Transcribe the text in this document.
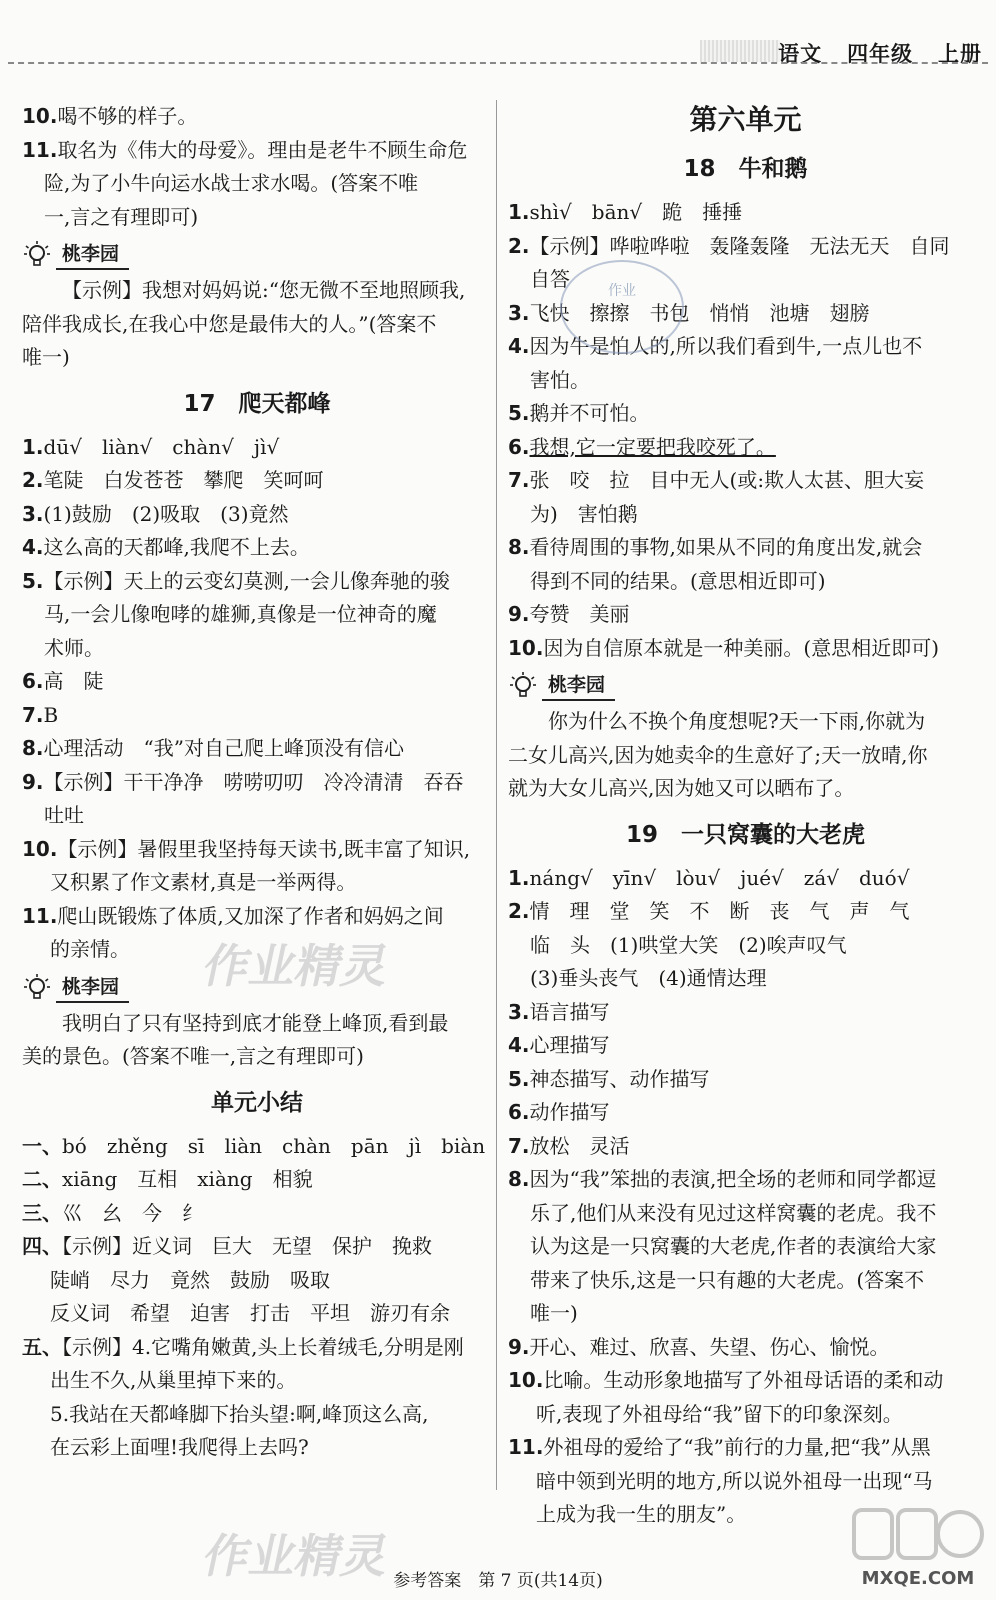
语文 四年级 上册
10.喝不够的样子。
11.取名为《伟大的母爱》。理由是老牛不顾生命危
险,为了小牛向运水战士求水喝。(答案不唯
一,言之有理即可)
桃李园
【示例】我想对妈妈说:“您无微不至地照顾我,
陪伴我成长,在我心中您是最伟大的人。”(答案不
唯一)
17　爬天都峰
1.dū√　liàn√　chàn√　jì√
2.笔陡　白发苍苍　攀爬　笑呵呵
3.(1)鼓励　(2)吸取　(3)竟然
4.这么高的天都峰,我爬不上去。
5.【示例】天上的云变幻莫测,一会儿像奔驰的骏
马,一会儿像咆哮的雄狮,真像是一位神奇的魔
术师。
6.高　陡
7.B
8.心理活动　“我”对自己爬上峰顶没有信心
9.【示例】干干净净　唠唠叨叨　冷冷清清　吞吞
吐吐
10.【示例】暑假里我坚持每天读书,既丰富了知识,
又积累了作文素材,真是一举两得。
11.爬山既锻炼了体质,又加深了作者和妈妈之间
的亲情。
桃李园
我明白了只有坚持到底才能登上峰顶,看到最
美的景色。(答案不唯一,言之有理即可)
单元小结
一、bó　zhěng　sī　liàn　chàn　pān　jì　biàn
二、xiāng　互相　xiàng　相貌
三、巛　幺　今　纟
四、【示例】近义词　巨大　无望　保护　挽救
陡峭　尽力　竟然　鼓励　吸取
反义词　希望　迫害　打击　平坦　游刃有余
五、【示例】4.它嘴角嫩黄,头上长着绒毛,分明是刚
出生不久,从巢里掉下来的。
5.我站在天都峰脚下抬头望:啊,峰顶这么高,
在云彩上面哩!我爬得上去吗?
第六单元
18　牛和鹅
1.shì√　bān√　跪　捶捶
2.【示例】哗啦哗啦　轰隆轰隆　无法无天　自同
自答
3.飞快　擦擦　书包　悄悄　池塘　翅膀
4.因为牛是怕人的,所以我们看到牛,一点儿也不
害怕。
5.鹅并不可怕。
6.我想,它一定要把我咬死了。
7.张　咬　拉　目中无人(或:欺人太甚、胆大妄
为)　害怕鹅
8.看待周围的事物,如果从不同的角度出发,就会
得到不同的结果。(意思相近即可)
9.夸赞　美丽
10.因为自信原本就是一种美丽。(意思相近即可)
桃李园
你为什么不换个角度想呢?天一下雨,你就为
二女儿高兴,因为她卖伞的生意好了;天一放晴,你
就为大女儿高兴,因为她又可以晒布了。
19　一只窝囊的大老虎
1.náng√　yīn√　lòu√　jué√　zá√　duó√
2.情　理　堂　笑　不　断　丧　气　声　气
临　头　(1)哄堂大笑　(2)唉声叹气
(3)垂头丧气　(4)通情达理
3.语言描写
4.心理描写
5.神态描写、动作描写
6.动作描写
7.放松　灵活
8.因为“我”笨拙的表演,把全场的老师和同学都逗
乐了,他们从来没有见过这样窝囊的老虎。我不
认为这是一只窝囊的大老虎,作者的表演给大家
带来了快乐,这是一只有趣的大老虎。(答案不
唯一)
9.开心、难过、欣喜、失望、伤心、愉悦。
10.比喻。生动形象地描写了外祖母话语的柔和动
听,表现了外祖母给“我”留下的印象深刻。
11.外祖母的爱给了“我”前行的力量,把“我”从黑
暗中领到光明的地方,所以说外祖母一出现“马
上成为我一生的朋友”。
作业精灵
作业精灵
作业
MXQE.COM
参考答案　第 7 页(共14页)
